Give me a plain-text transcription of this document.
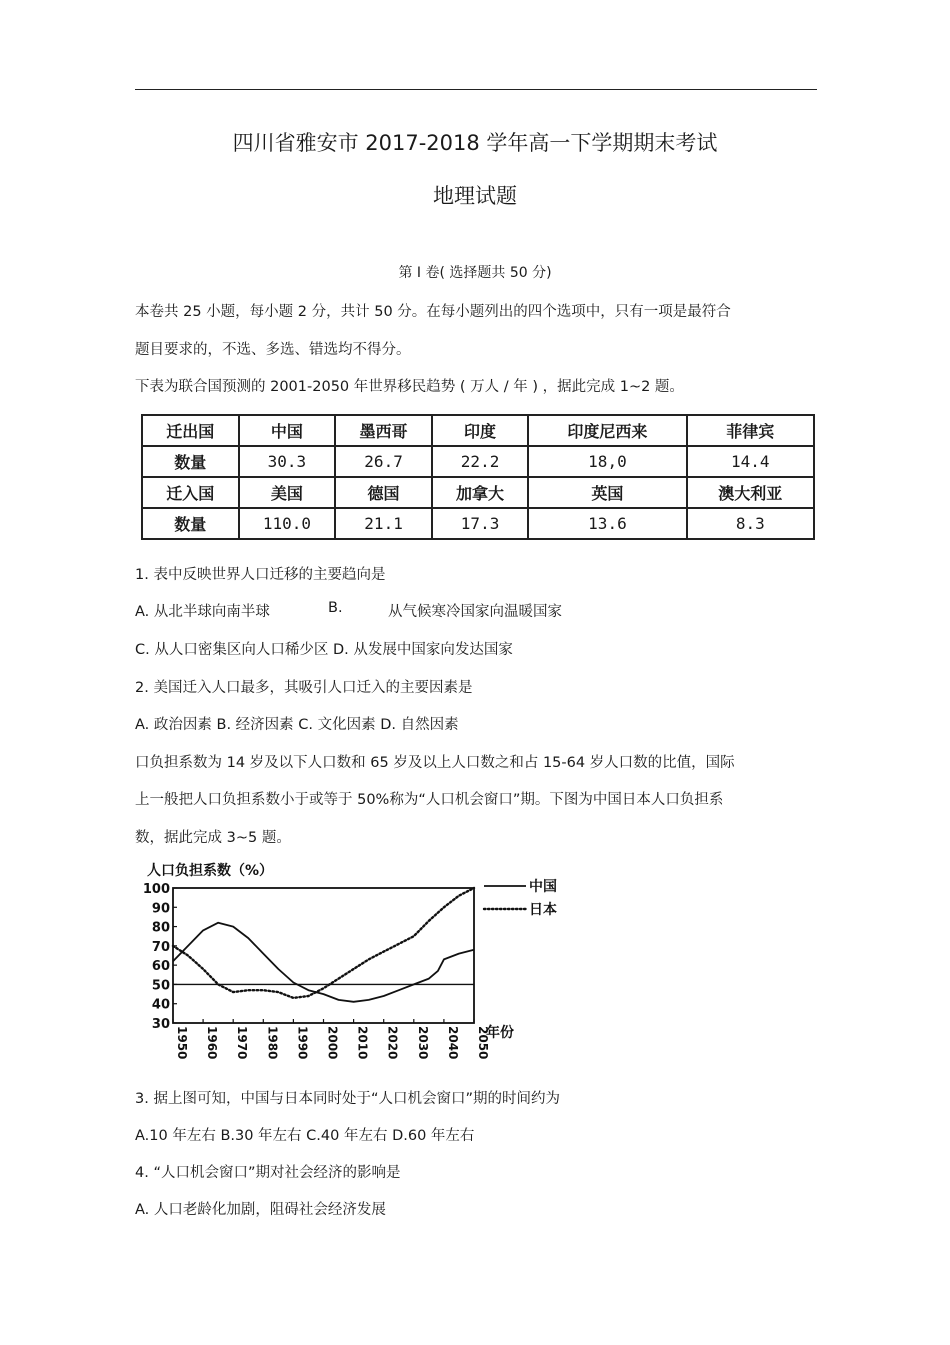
四川省雅安市 2017-2018 学年高一下学期期末考试
地理试题
第 I 卷( 选择题共 50 分)
本卷共 25 小题，每小题 2 分，共计 50 分。在每小题列出的四个选项中，只有一项是最符合
题目要求的，不选、多选、错选均不得分。
下表为联合国预测的 2001-2050 年世界移民趋势 ( 万人 / 年 ) ，据此完成 1~2 题。
迁出国	中国	墨西哥	印度	印度尼西来	菲律宾
数量	30.3	26.7	22.2	18,0	14.4
迁入国	美国	德国	加拿大	英国	澳大利亚
数量	110.0	21.1	17.3	13.6	8.3
1. 表中反映世界人口迁移的主要趋向是
A. 从北半球向南半球	B.	从气候寒冷国家向温暖国家
C. 从人口密集区向人口稀少区 D. 从发展中国家向发达国家
2. 美国迁入人口最多，其吸引人口迁入的主要因素是
A. 政治因素 B. 经济因素 C. 文化因素 D. 自然因素
口负担系数为 14 岁及以下人口数和 65 岁及以上人口数之和占 15-64 岁人口数的比值，国际
上一般把人口负担系数小于或等于 50%称为“人口机会窗口”期。下图为中国日本人口负担系
数，据此完成 3~5 题。
人口负担系数（%）
100
90
80
70
60
50
40
30
1950 1960 1970 1980 1990 2000 2010 2020 2030 2040 2050
年份
中国
日本
3. 据上图可知，中国与日本同时处于“人口机会窗口”期的时间约为
A.10 年左右 B.30 年左右 C.40 年左右 D.60 年左右
4. “人口机会窗口”期对社会经济的影响是
A. 人口老龄化加剧，阻碍社会经济发展
